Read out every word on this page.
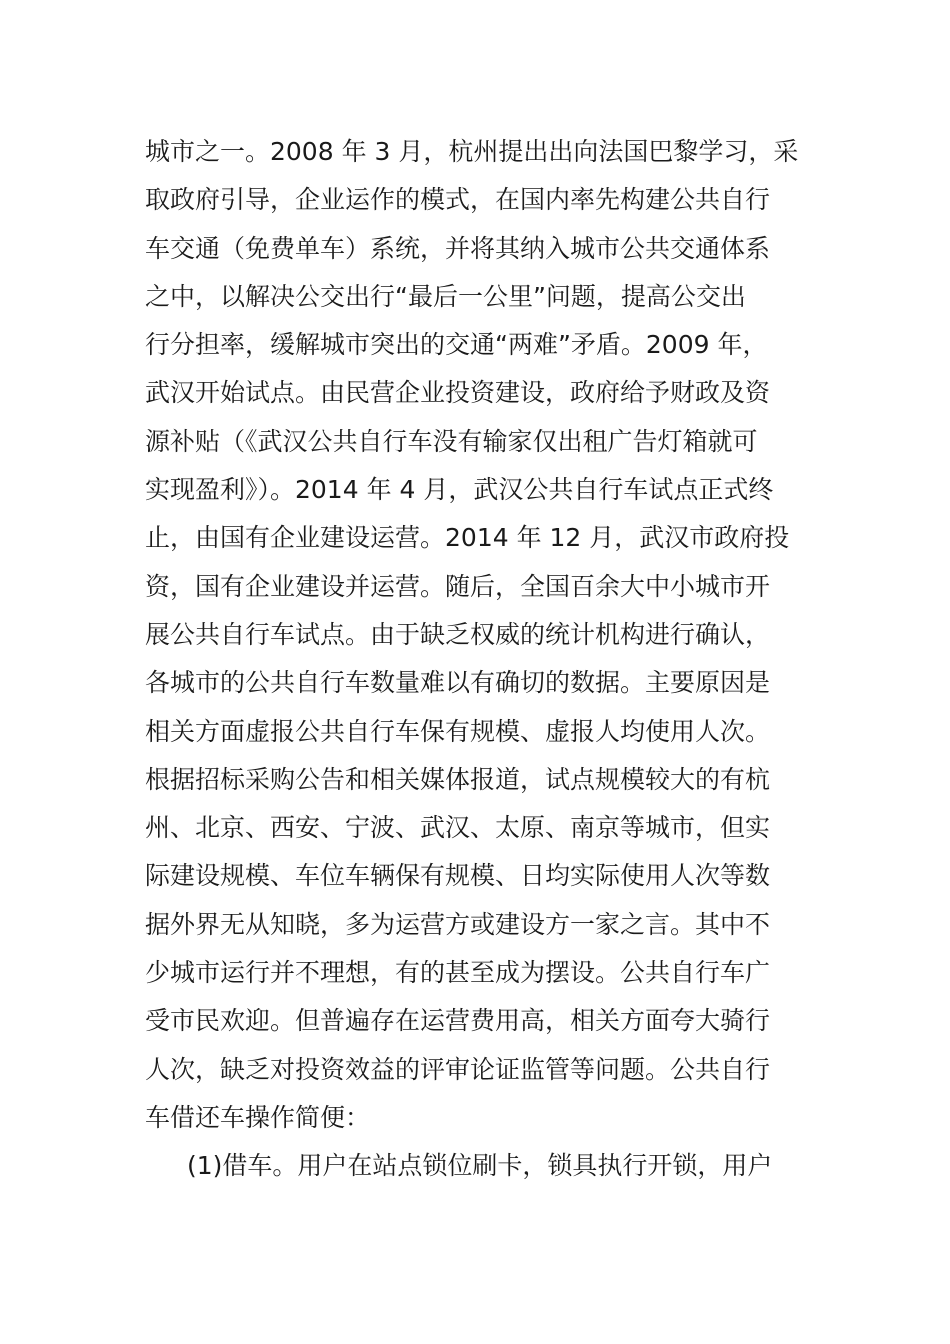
城市之一。2008 年 3 月，杭州提出出向法国巴黎学习，采
取政府引导，企业运作的模式，在国内率先构建公共自行
车交通（免费单车）系统，并将其纳入城市公共交通体系
之中，以解决公交出行“最后一公里”问题，提高公交出
行分担率，缓解城市突出的交通“两难”矛盾。2009 年，
武汉开始试点。由民营企业投资建设，政府给予财政及资
源补贴（《武汉公共自行车没有输家仅出租广告灯箱就可
实现盈利》）。2014 年 4 月，武汉公共自行车试点正式终
止，由国有企业建设运营。2014 年 12 月，武汉市政府投
资，国有企业建设并运营。随后，全国百余大中小城市开
展公共自行车试点。由于缺乏权威的统计机构进行确认，
各城市的公共自行车数量难以有确切的数据。主要原因是
相关方面虚报公共自行车保有规模、虚报人均使用人次。
根据招标采购公告和相关媒体报道，试点规模较大的有杭
州、北京、西安、宁波、武汉、太原、南京等城市，但实
际建设规模、车位车辆保有规模、日均实际使用人次等数
据外界无从知晓，多为运营方或建设方一家之言。其中不
少城市运行并不理想，有的甚至成为摆设。公共自行车广
受市民欢迎。但普遍存在运营费用高，相关方面夸大骑行
人次，缺乏对投资效益的评审论证监管等问题。公共自行
车借还车操作简便：
(1)借车。用户在站点锁位刷卡，锁具执行开锁，用户
